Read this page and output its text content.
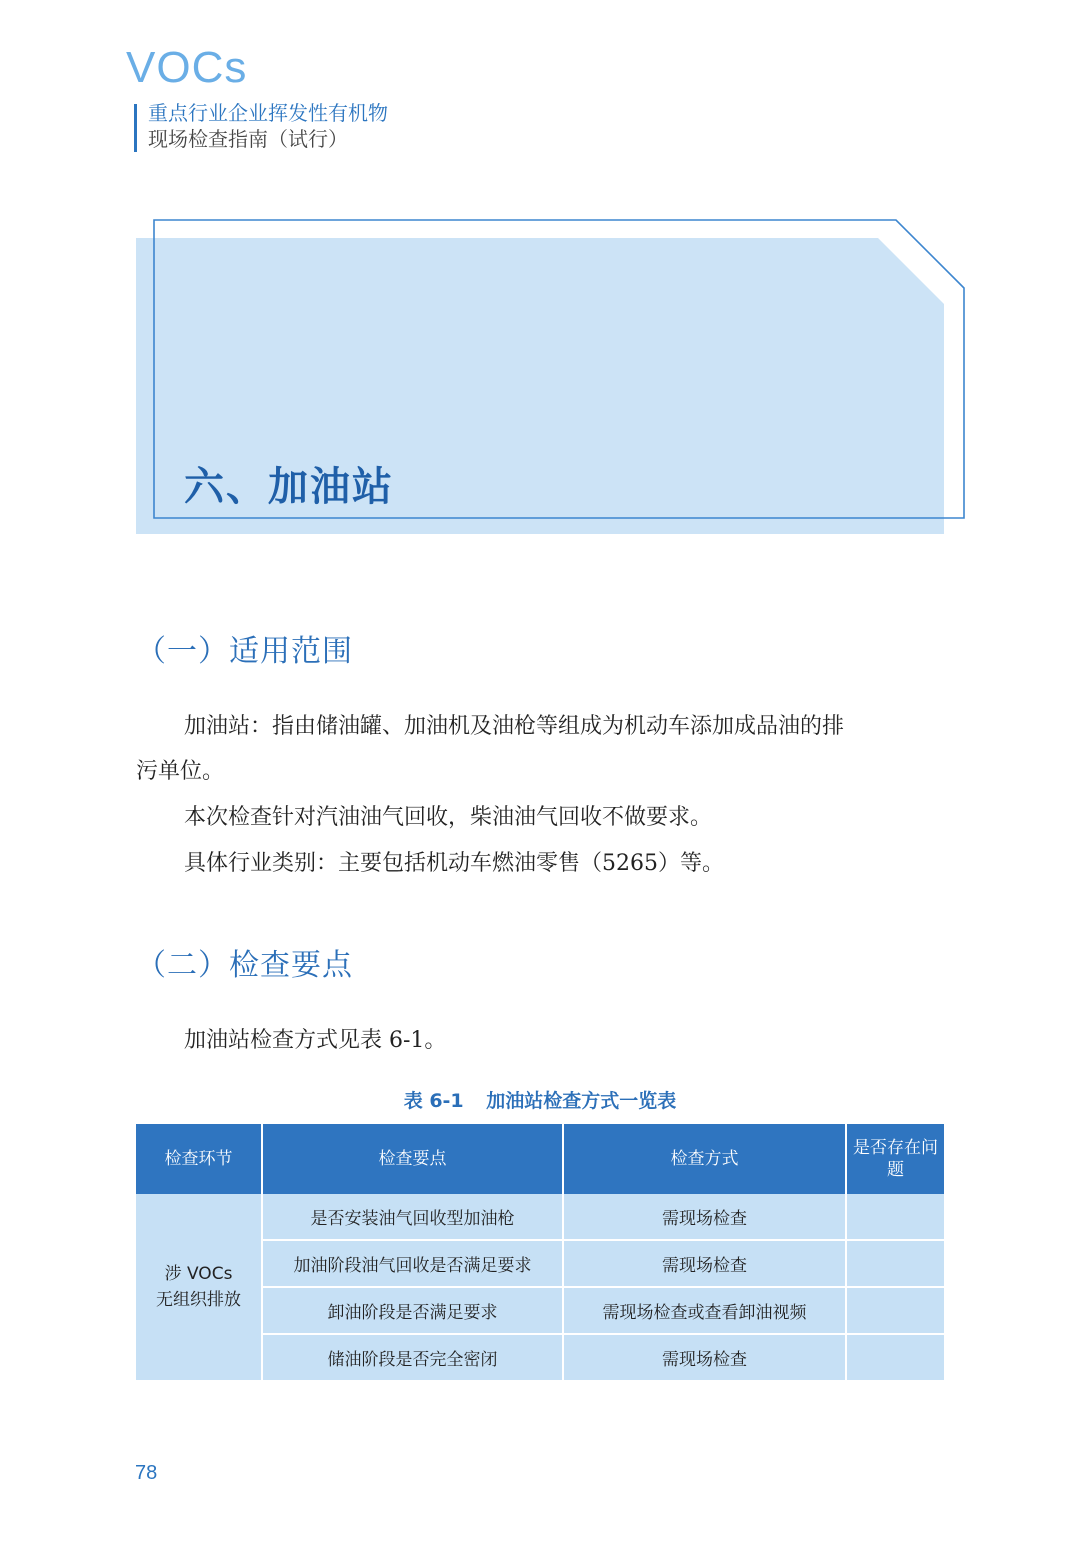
VOCs
重点行业企业挥发性有机物
现场检查指南（试行）
六、加油站
（一）适用范围
加油站：指由储油罐、加油机及油枪等组成为机动车添加成品油的排
污单位。
本次检查针对汽油油气回收，柴油油气回收不做要求。
具体行业类别：主要包括机动车燃油零售（5265）等。
（二）检查要点
加油站检查方式见表 6-1。
表 6-1 加油站检查方式一览表
检查环节	检查要点	检查方式	是否存在问题

涉 VOCs
无组织排放	是否安装油气回收型加油枪	需现场检查	
	加油阶段油气回收是否满足要求	需现场检查	
	卸油阶段是否满足要求	需现场检查或查看卸油视频	
	储油阶段是否完全密闭	需现场检查	
78
